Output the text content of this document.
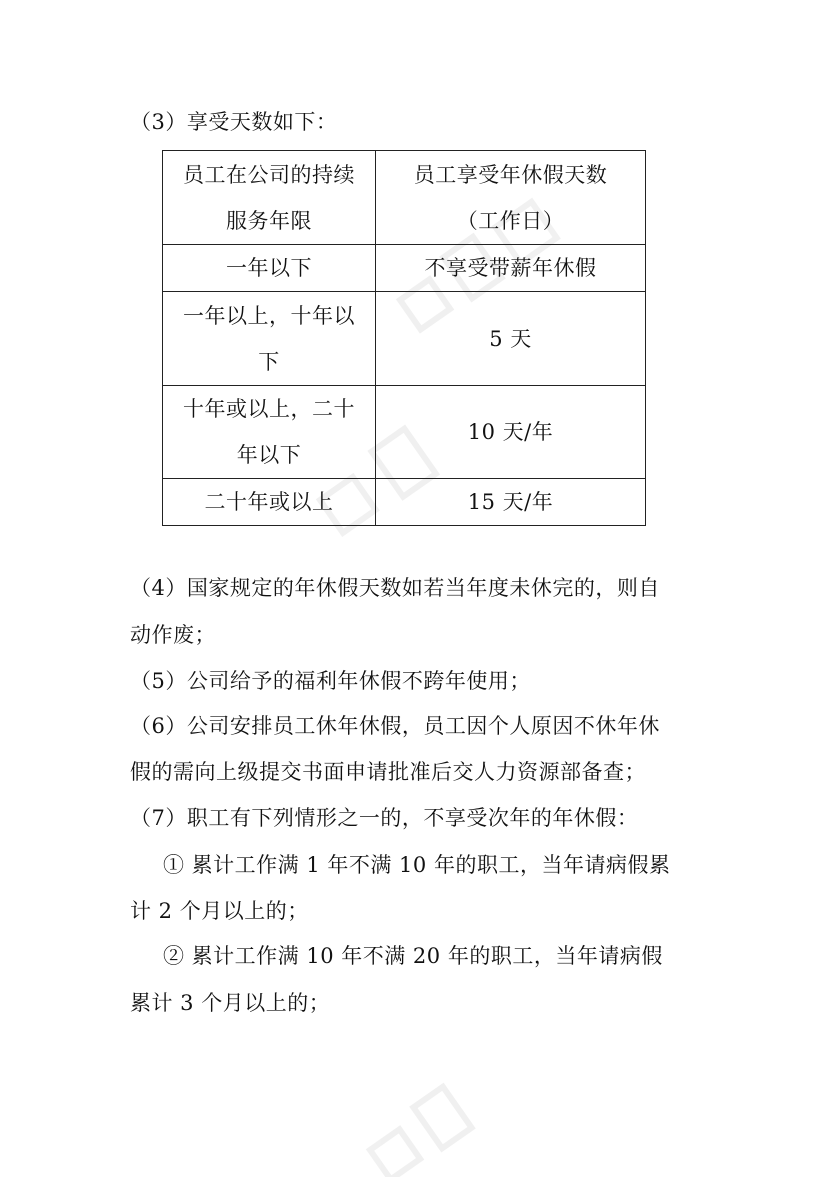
（3）享受天数如下：
员工在公司的持续
服务年限	员工享受年休假天数
（工作日）

一年以下	不享受带薪年休假

一年以上，十年以
下	5 天

十年或以上，二十
年以下	10 天/年
二十年或以上	15 天/年
（4）国家规定的年休假天数如若当年度未休完的，则自
动作废；
（5）公司给予的福利年休假不跨年使用；
（6）公司安排员工休年休假，员工因个人原因不休年休
假的需向上级提交书面申请批准后交人力资源部备查；
（7）职工有下列情形之一的，不享受次年的年休假：
① 累计工作满 1 年不满 10 年的职工，当年请病假累
计 2 个月以上的；
② 累计工作满 10 年不满 20 年的职工，当年请病假
累计 3 个月以上的；
